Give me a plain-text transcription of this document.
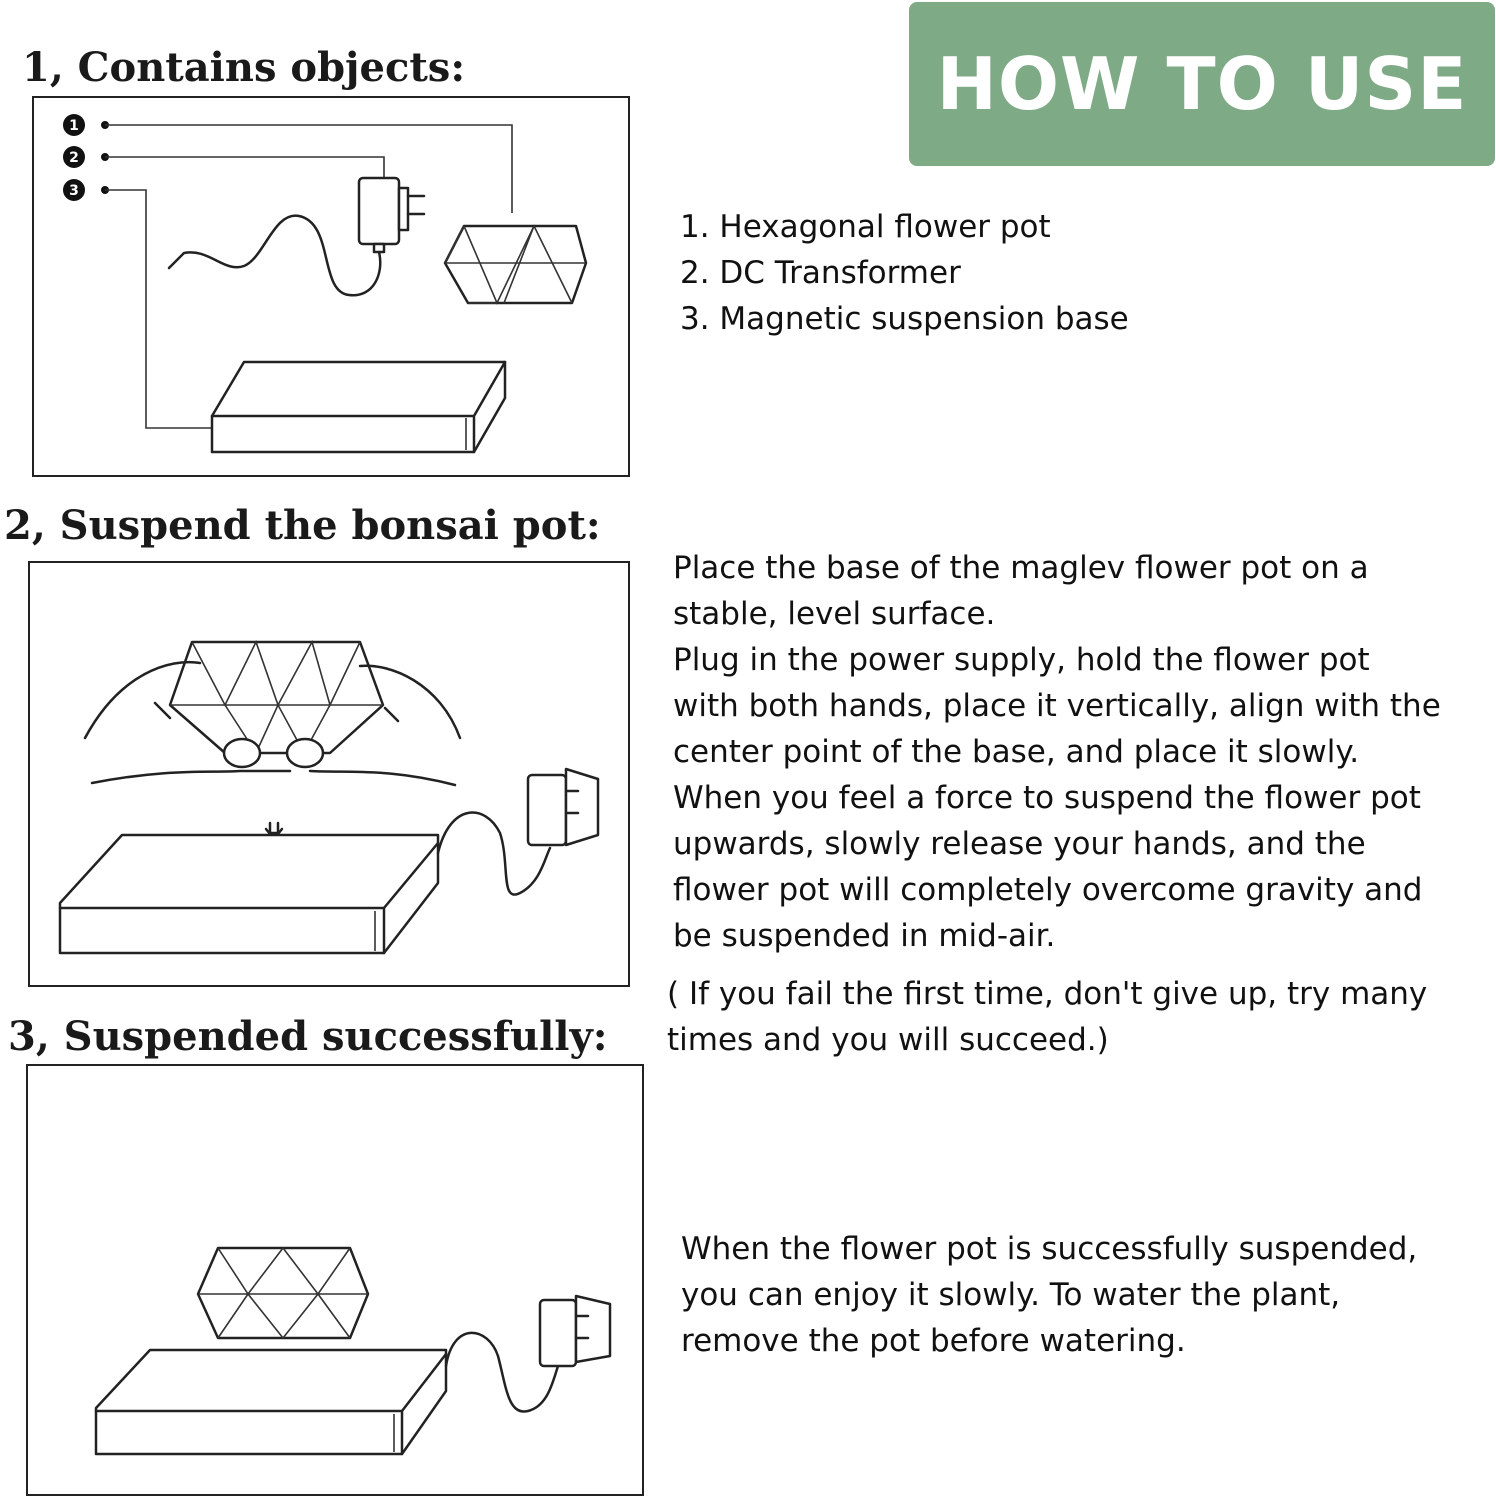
HOW TO USE ?
1, Contains objects:
1
2
3
1. Hexagonal flower pot
2. DC Transformer
3. Magnetic suspension base
2, Suspend the bonsai pot:
Place the base of the maglev flower pot on a
stable, level surface.
Plug in the power supply, hold the flower pot
with both hands, place it vertically, align with the
center point of the base, and place it slowly.
When you feel a force to suspend the flower pot
upwards, slowly release your hands, and the
flower pot will completely overcome gravity and
be suspended in mid-air.
( If you fail the first time, don't give up, try many
times and you will succeed.)
3, Suspended successfully:
When the flower pot is successfully suspended,
you can enjoy it slowly. To water the plant,
remove the pot before watering.
